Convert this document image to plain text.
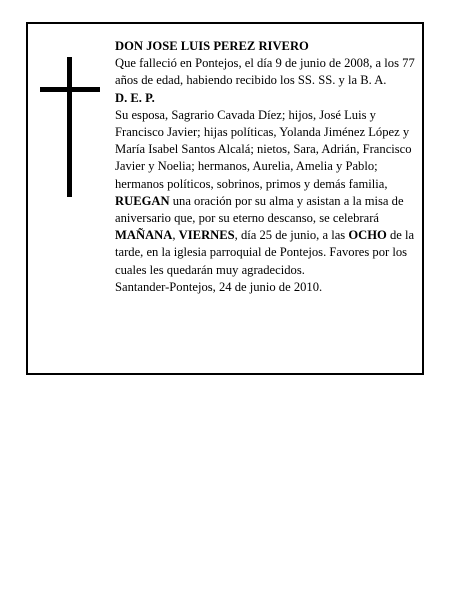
DON JOSE LUIS PEREZ RIVERO

Que falleció en Pontejos, el día 9 de junio de 2008, a los 77 años de edad, habiendo recibido los SS. SS. y la B. A.

D. E. P.

Su esposa, Sagrario Cavada Díez; hijos, José Luis y Francisco Javier; hijas políticas, Yolanda Jiménez López y María Isabel Santos Alcalá; nietos, Sara, Adrián, Francisco Javier y Noelia; hermanos, Aurelia, Amelia y Pablo; hermanos políticos, sobrinos, primos y demás familia,

RUEGAN una oración por su alma y asistan a la misa de aniversario que, por su eterno descanso, se celebrará MAÑANA, VIERNES, día 25 de junio, a las OCHO de la tarde, en la iglesia parroquial de Pontejos. Favores por los cuales les quedarán muy agradecidos.

Santander-Pontejos, 24 de junio de 2010.
